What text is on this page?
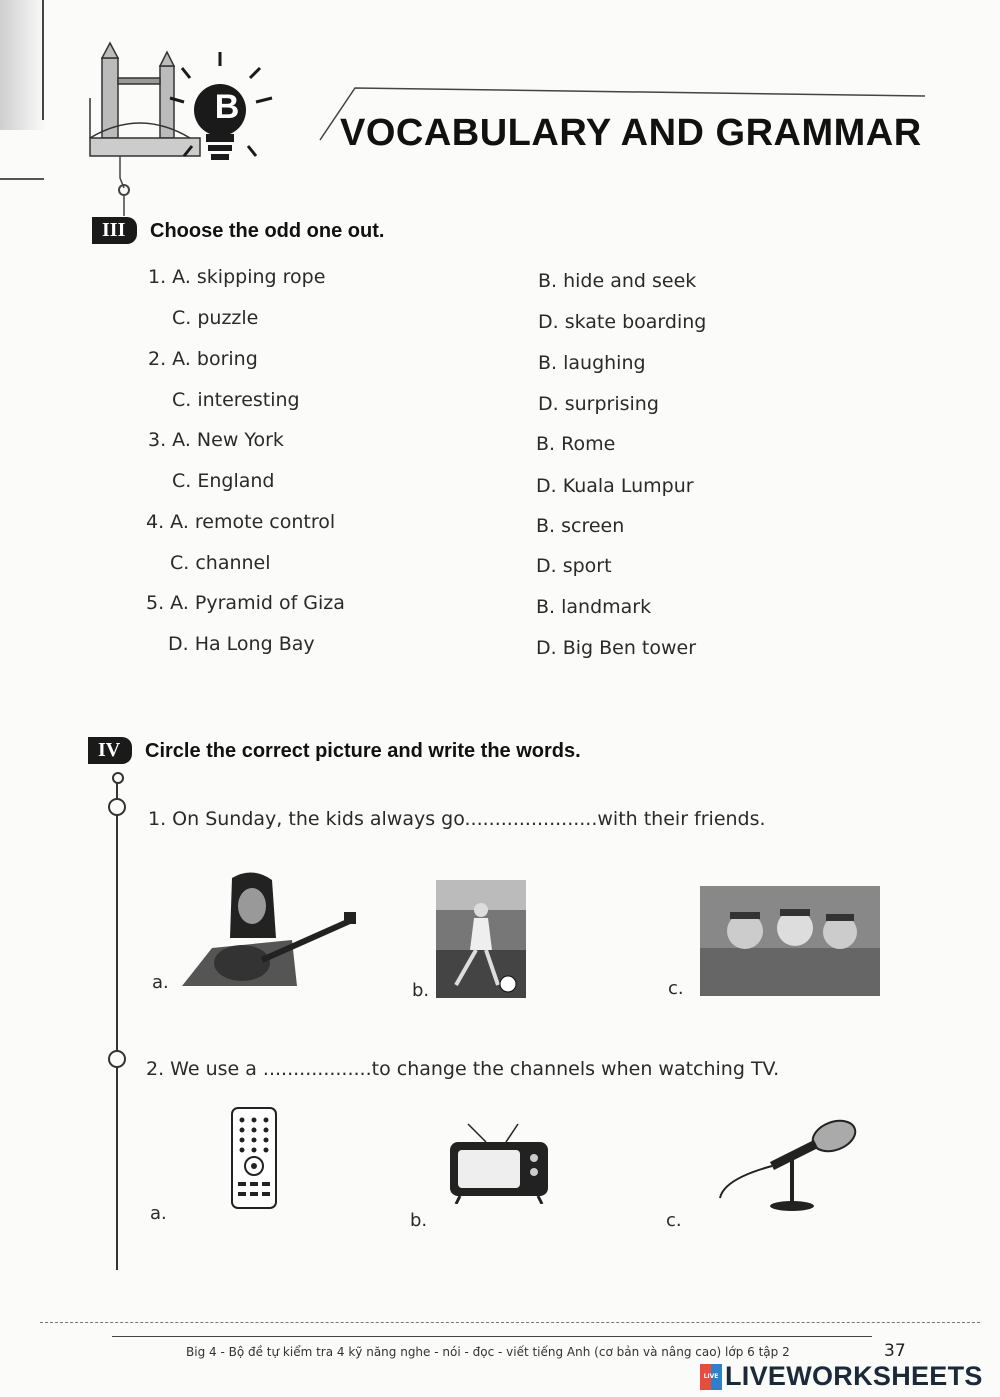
B
VOCABULARY AND GRAMMAR
III	Choose the odd one out.
1. A. skipping rope	B. hide and seek
C. puzzle	D. skate boarding
2. A. boring	B. laughing
C. interesting	D. surprising
3. A. New York	B. Rome
C. England	D. Kuala Lumpur
4. A. remote control	B. screen
C. channel	D. sport
5. A. Pyramid of Giza	B. landmark
D. Ha Long Bay	D. Big Ben tower
IV	Circle the correct picture and write the words.
1. On Sunday, the kids always go......................with their friends.
a.	b.	c.
2. We use a ..................to change the channels when watching TV.
a.	b.	c.
Big 4 - Bộ đề tự kiểm tra 4 kỹ năng nghe - nói - đọc - viết tiếng Anh (cơ bản và nâng cao) lớp 6 tập 2	37
LIVE LIVEWORKSHEETS
